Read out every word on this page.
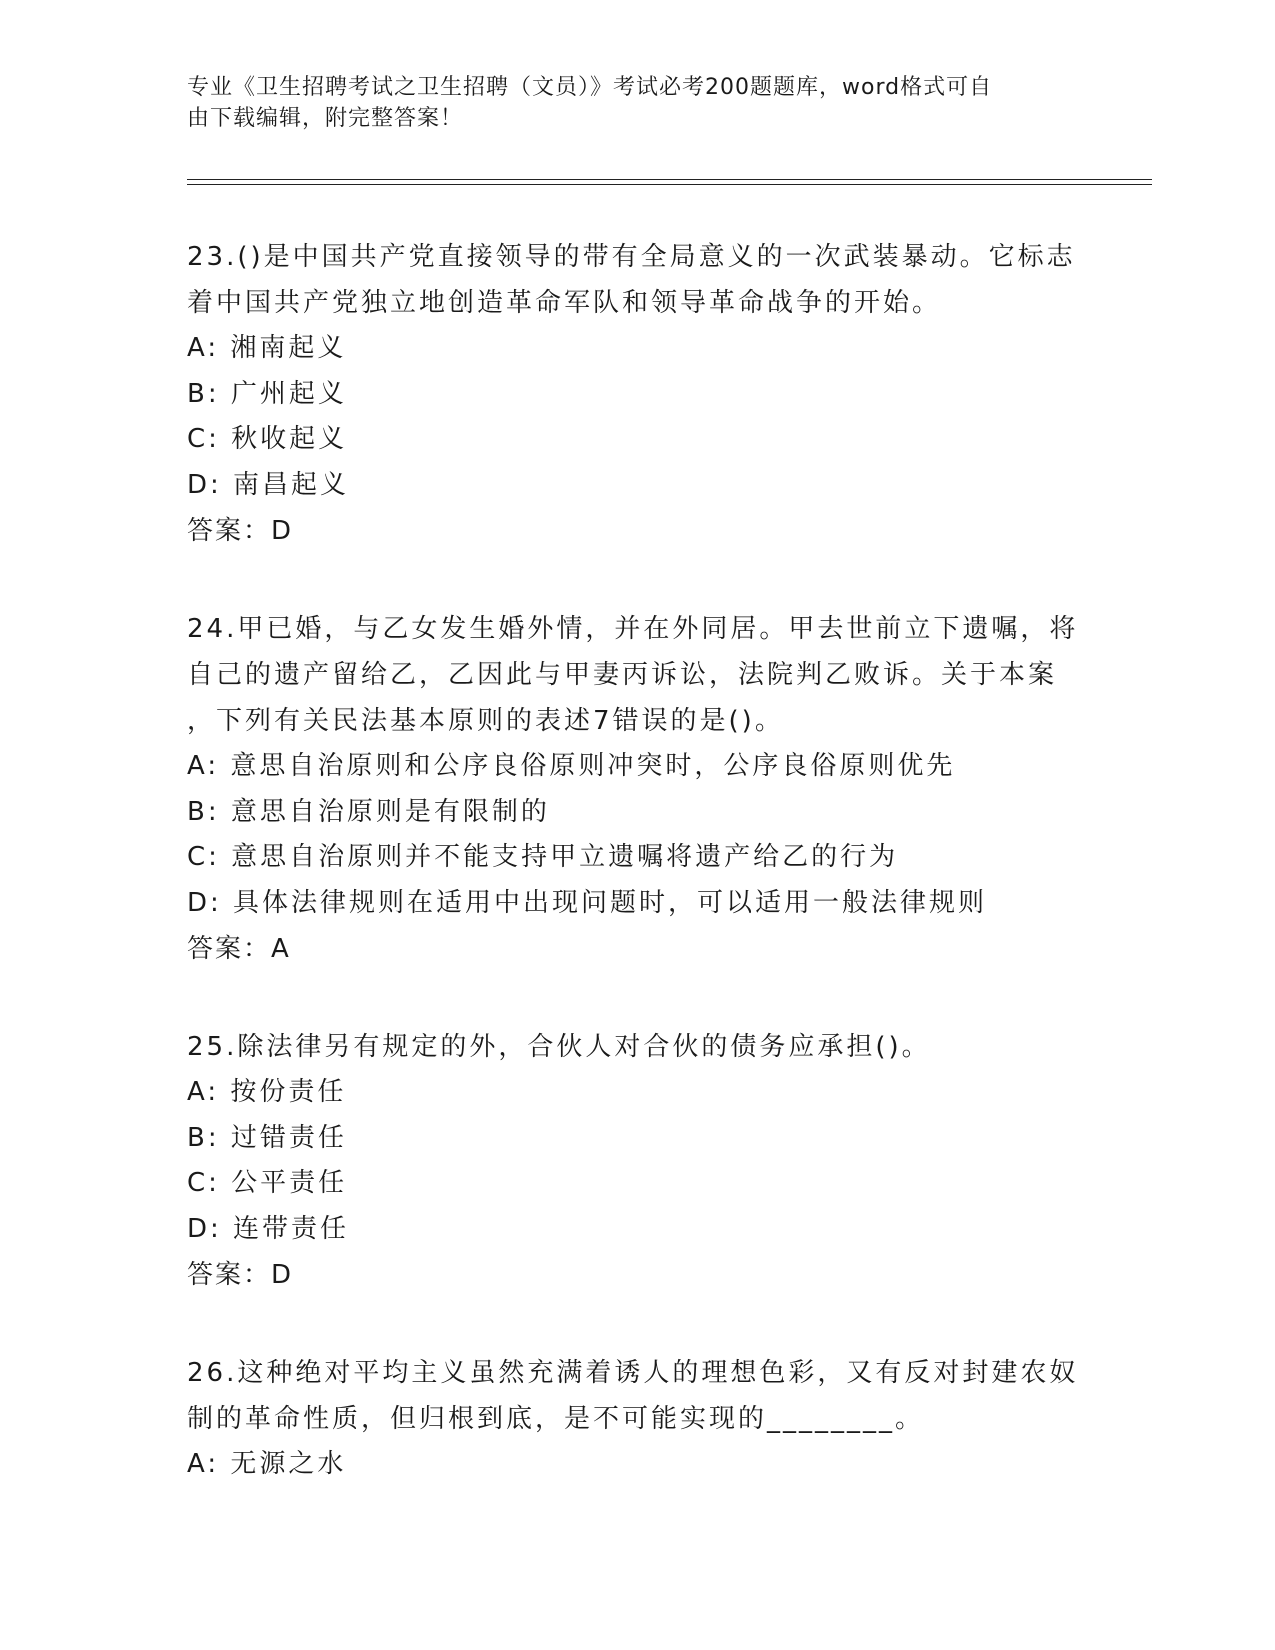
专业《卫生招聘考试之卫生招聘（文员）》考试必考200题题库，word格式可自
由下载编辑，附完整答案！
23.()是中国共产党直接领导的带有全局意义的一次武装暴动。它标志
着中国共产党独立地创造革命军队和领导革命战争的开始。
A: 湘南起义
B: 广州起义
C: 秋收起义
D: 南昌起义
答案：D
24.甲已婚，与乙女发生婚外情，并在外同居。甲去世前立下遗嘱，将
自己的遗产留给乙，乙因此与甲妻丙诉讼，法院判乙败诉。关于本案
，下列有关民法基本原则的表述7错误的是()。
A: 意思自治原则和公序良俗原则冲突时，公序良俗原则优先
B: 意思自治原则是有限制的
C: 意思自治原则并不能支持甲立遗嘱将遗产给乙的行为
D: 具体法律规则在适用中出现问题时，可以适用一般法律规则
答案：A
25.除法律另有规定的外，合伙人对合伙的债务应承担()。
A: 按份责任
B: 过错责任
C: 公平责任
D: 连带责任
答案：D
26.这种绝对平均主义虽然充满着诱人的理想色彩，又有反对封建农奴
制的革命性质，但归根到底，是不可能实现的________。
A: 无源之水
